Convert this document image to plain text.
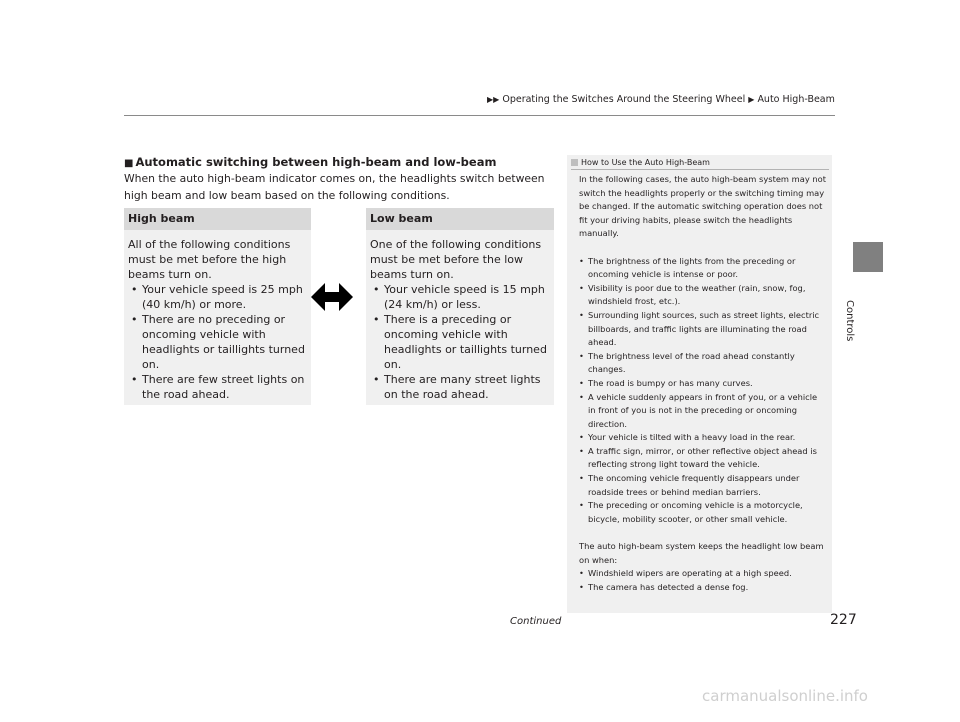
▶▶ Operating the Switches Around the Steering Wheel ▶ Auto High-Beam
Controls
■ Automatic switching between high-beam and low-beam
When the auto high-beam indicator comes on, the headlights switch between high beam and low beam based on the following conditions.
High beam
All of the following conditions must be met before the high beams turn on.
• Your vehicle speed is 25 mph (40 km/h) or more.
• There are no preceding or oncoming vehicle with headlights or taillights turned on.
• There are few street lights on the road ahead.
Low beam
One of the following conditions must be met before the low beams turn on.
• Your vehicle speed is 15 mph (24 km/h) or less.
• There is a preceding or oncoming vehicle with headlights or taillights turned on.
• There are many street lights on the road ahead.
How to Use the Auto High-Beam

In the following cases, the auto high-beam system may not switch the headlights properly or the switching timing may be changed. If the automatic switching operation does not fit your driving habits, please switch the headlights manually.

• The brightness of the lights from the preceding or oncoming vehicle is intense or poor.
• Visibility is poor due to the weather (rain, snow, fog, windshield frost, etc.).
• Surrounding light sources, such as street lights, electric billboards, and traffic lights are illuminating the road ahead.
• The brightness level of the road ahead constantly changes.
• The road is bumpy or has many curves.
• A vehicle suddenly appears in front of you, or a vehicle in front of you is not in the preceding or oncoming direction.
• Your vehicle is tilted with a heavy load in the rear.
• A traffic sign, mirror, or other reflective object ahead is reflecting strong light toward the vehicle.
• The oncoming vehicle frequently disappears under roadside trees or behind median barriers.
• The preceding or oncoming vehicle is a motorcycle, bicycle, mobility scooter, or other small vehicle.

The auto high-beam system keeps the headlight low beam on when:

• Windshield wipers are operating at a high speed.
• The camera has detected a dense fog.
Continued	227
carmanualsonline.info
